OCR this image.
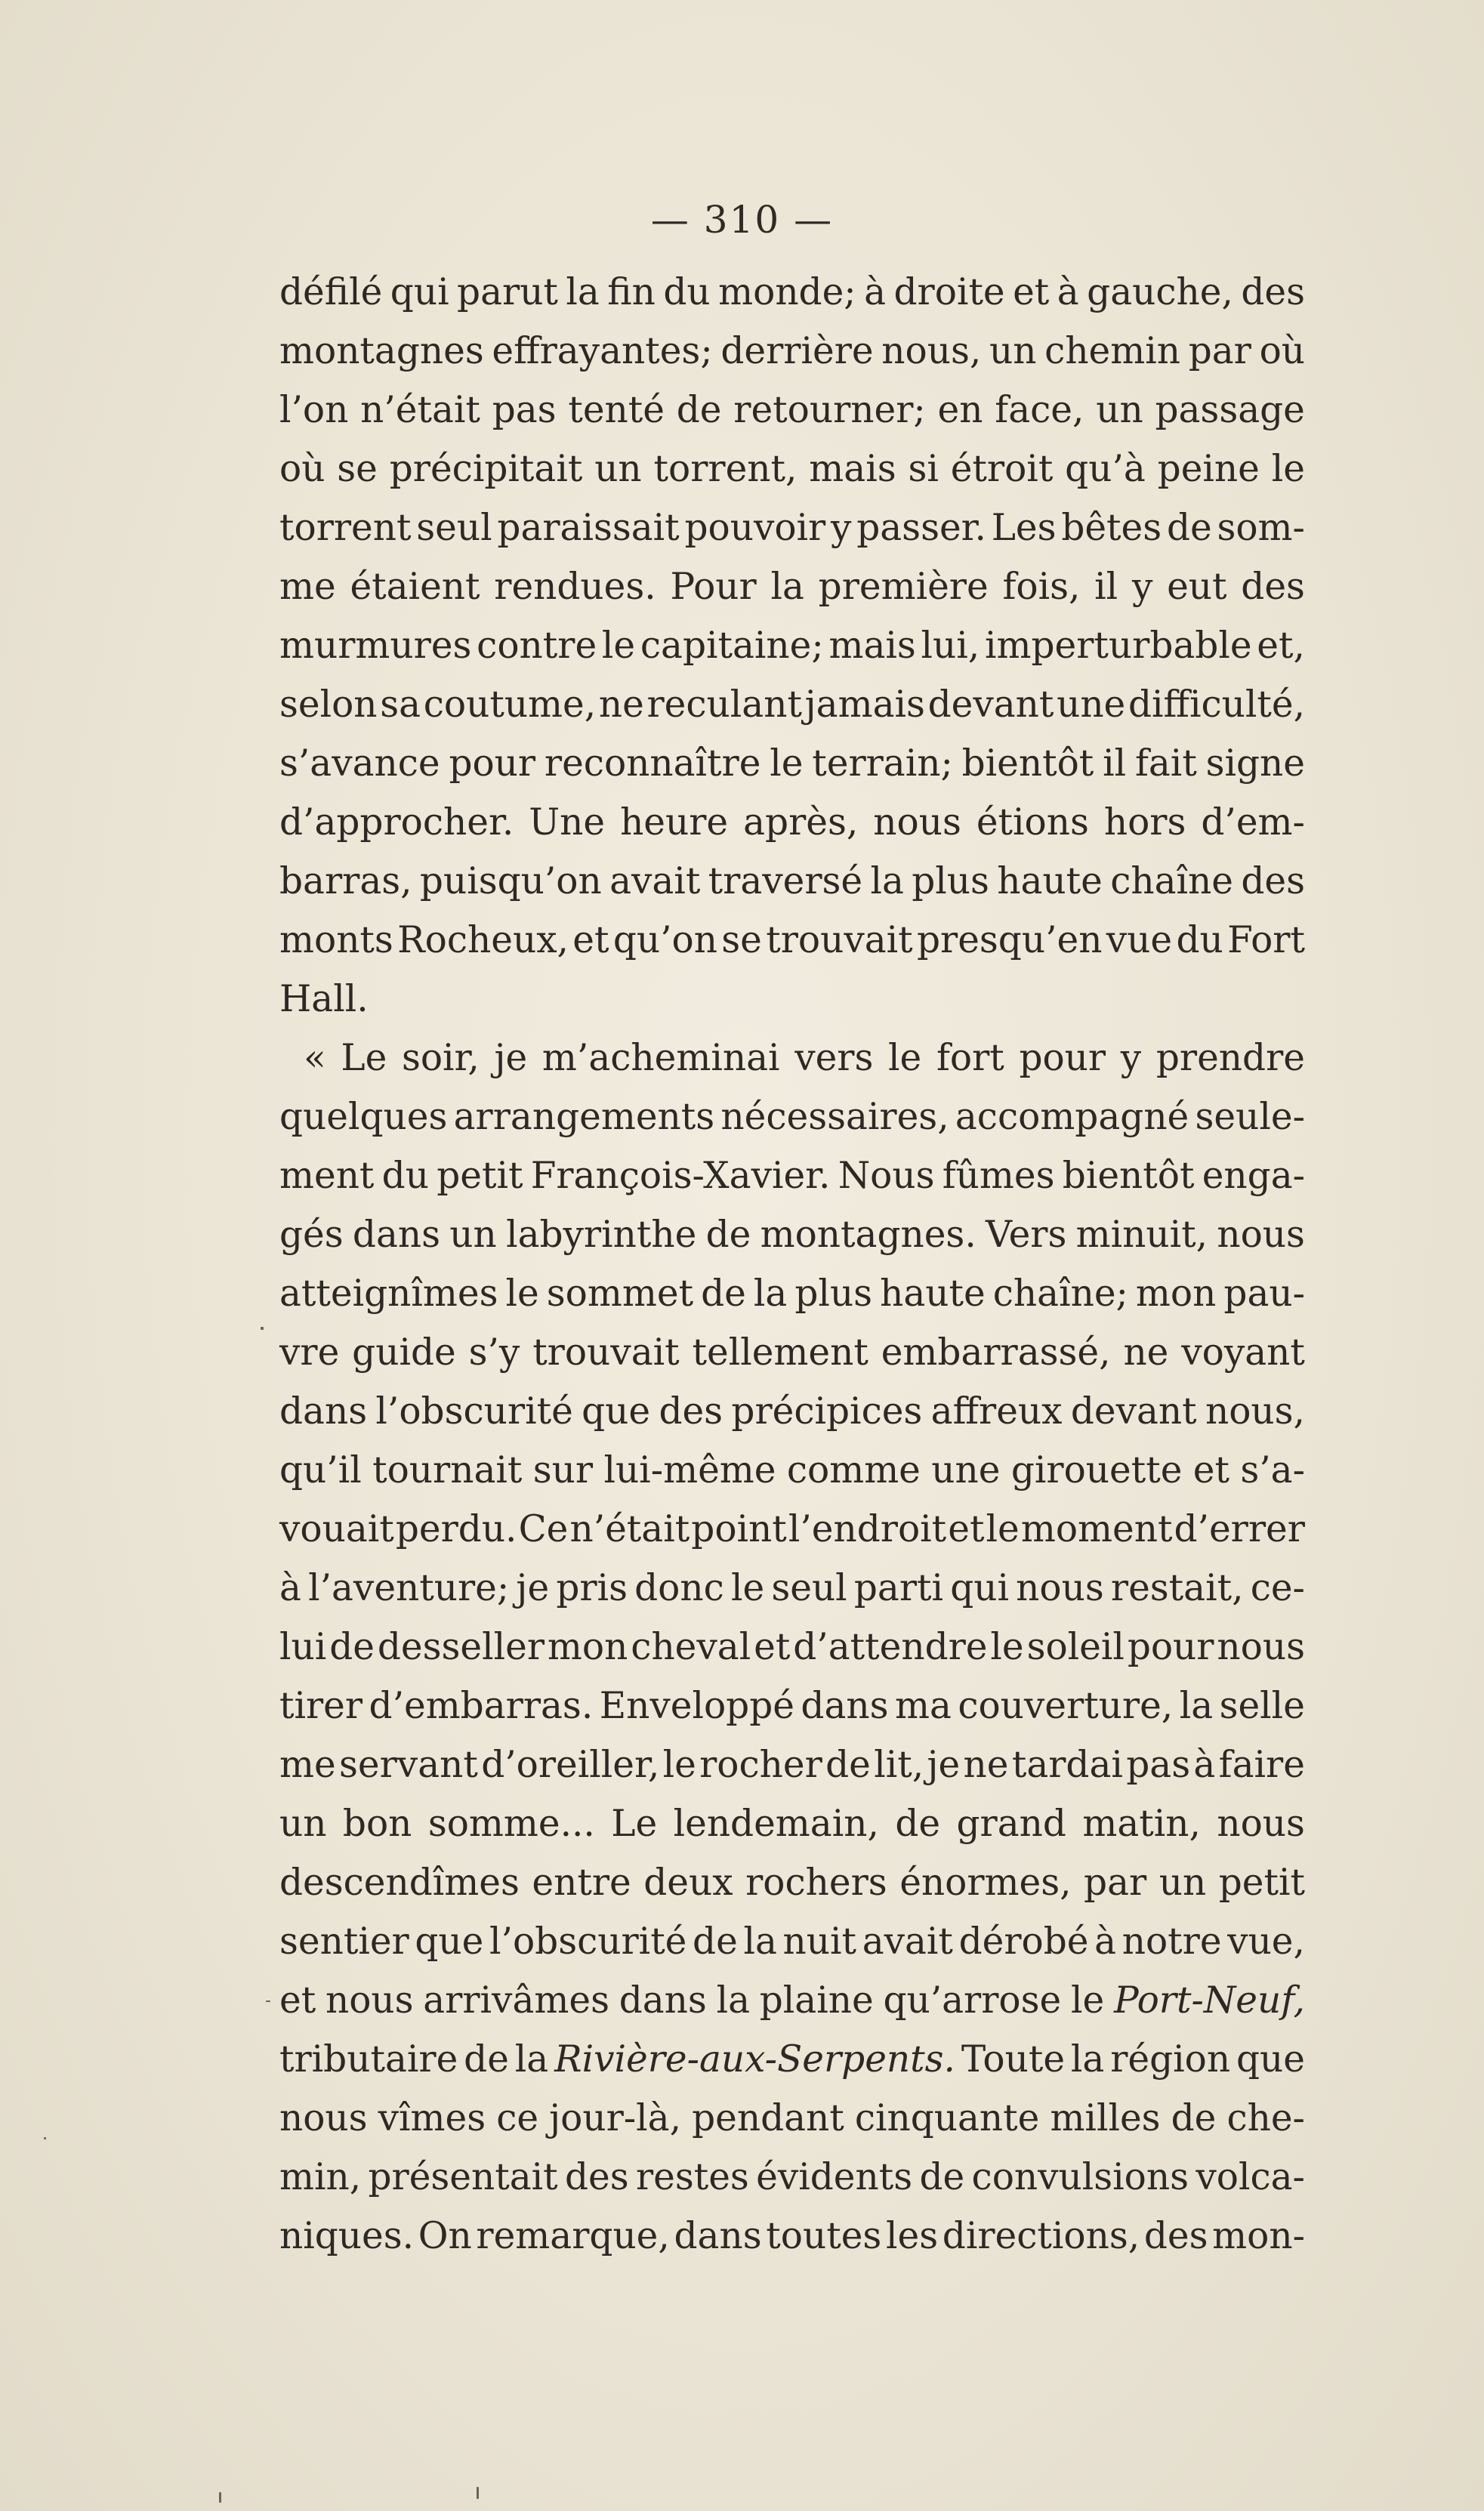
— 310 —
défilé qui parut la fin du monde; à droite et à gauche, des
montagnes effrayantes; derrière nous, un chemin par où
l’on n’était pas tenté de retourner; en face, un passage
où se précipitait un torrent, mais si étroit qu’à peine le
torrent seul paraissait pouvoir y passer. Les bêtes de som-
me étaient rendues. Pour la première fois, il y eut des
murmures contre le capitaine; mais lui, imperturbable et,
selon sa coutume, ne reculant jamais devant une difficulté,
s’avance pour reconnaître le terrain; bientôt il fait signe
d’approcher. Une heure après, nous étions hors d’em-
barras, puisqu’on avait traversé la plus haute chaîne des
monts Rocheux, et qu’on se trouvait presqu’en vue du Fort
Hall.
« Le soir, je m’acheminai vers le fort pour y prendre
quelques arrangements nécessaires, accompagné seule-
ment du petit François-Xavier. Nous fûmes bientôt enga-
gés dans un labyrinthe de montagnes. Vers minuit, nous
atteignîmes le sommet de la plus haute chaîne; mon pau-
vre guide s’y trouvait tellement embarrassé, ne voyant
dans l’obscurité que des précipices affreux devant nous,
qu’il tournait sur lui-même comme une girouette et s’a-
vouait perdu. Ce n’était point l’endroit et le moment d’errer
à l’aventure; je pris donc le seul parti qui nous restait, ce-
lui de desseller mon cheval et d’attendre le soleil pour nous
tirer d’embarras. Enveloppé dans ma couverture, la selle
me servant d’oreiller, le rocher de lit, je ne tardai pas à faire
un bon somme... Le lendemain, de grand matin, nous
descendîmes entre deux rochers énormes, par un petit
sentier que l’obscurité de la nuit avait dérobé à notre vue,
et nous arrivâmes dans la plaine qu’arrose le Port-Neuf,
tributaire de la Rivière-aux-Serpents. Toute la région que
nous vîmes ce jour-là, pendant cinquante milles de che-
min, présentait des restes évidents de convulsions volca-
niques. On remarque, dans toutes les directions, des mon-
